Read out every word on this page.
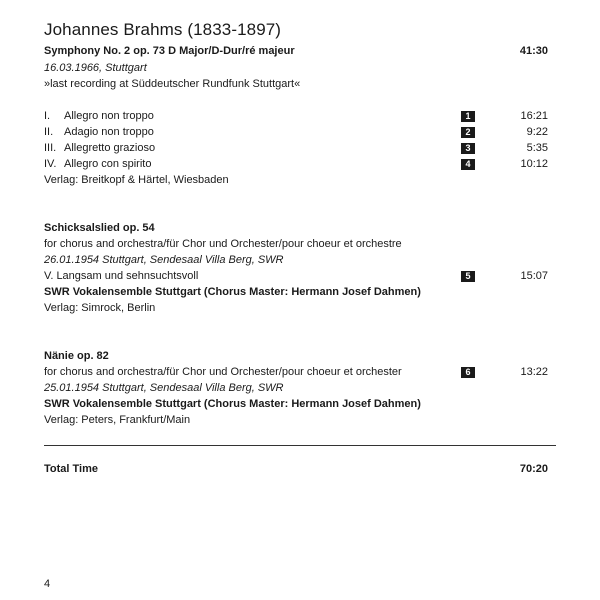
Johannes Brahms (1833-1897)
Symphony No. 2 op. 73 D Major/D-Dur/ré majeur	41:30
16.03.1966, Stuttgart
»last recording at Süddeutscher Rundfunk Stuttgart«
I.	Allegro non troppo	1	16:21
II. Adagio non troppo	2	9:22
III. Allegretto grazioso	3	5:35
IV. Allegro con spirito	4	10:12
Verlag: Breitkopf & Härtel, Wiesbaden
Schicksalslied op. 54
for chorus and orchestra/für Chor und Orchester/pour choeur et orchestre
26.01.1954 Stuttgart, Sendesaal Villa Berg, SWR
V. Langsam und sehnsuchtsvoll	5	15:07
SWR Vokalensemble Stuttgart (Chorus Master: Hermann Josef Dahmen)
Verlag: Simrock, Berlin
Nänie op. 82
for chorus and orchestra/für Chor und Orchester/pour choeur et orchester	6	13:22
25.01.1954 Stuttgart, Sendesaal Villa Berg, SWR
SWR Vokalensemble Stuttgart (Chorus Master: Hermann Josef Dahmen)
Verlag: Peters, Frankfurt/Main
Total Time	70:20
4
